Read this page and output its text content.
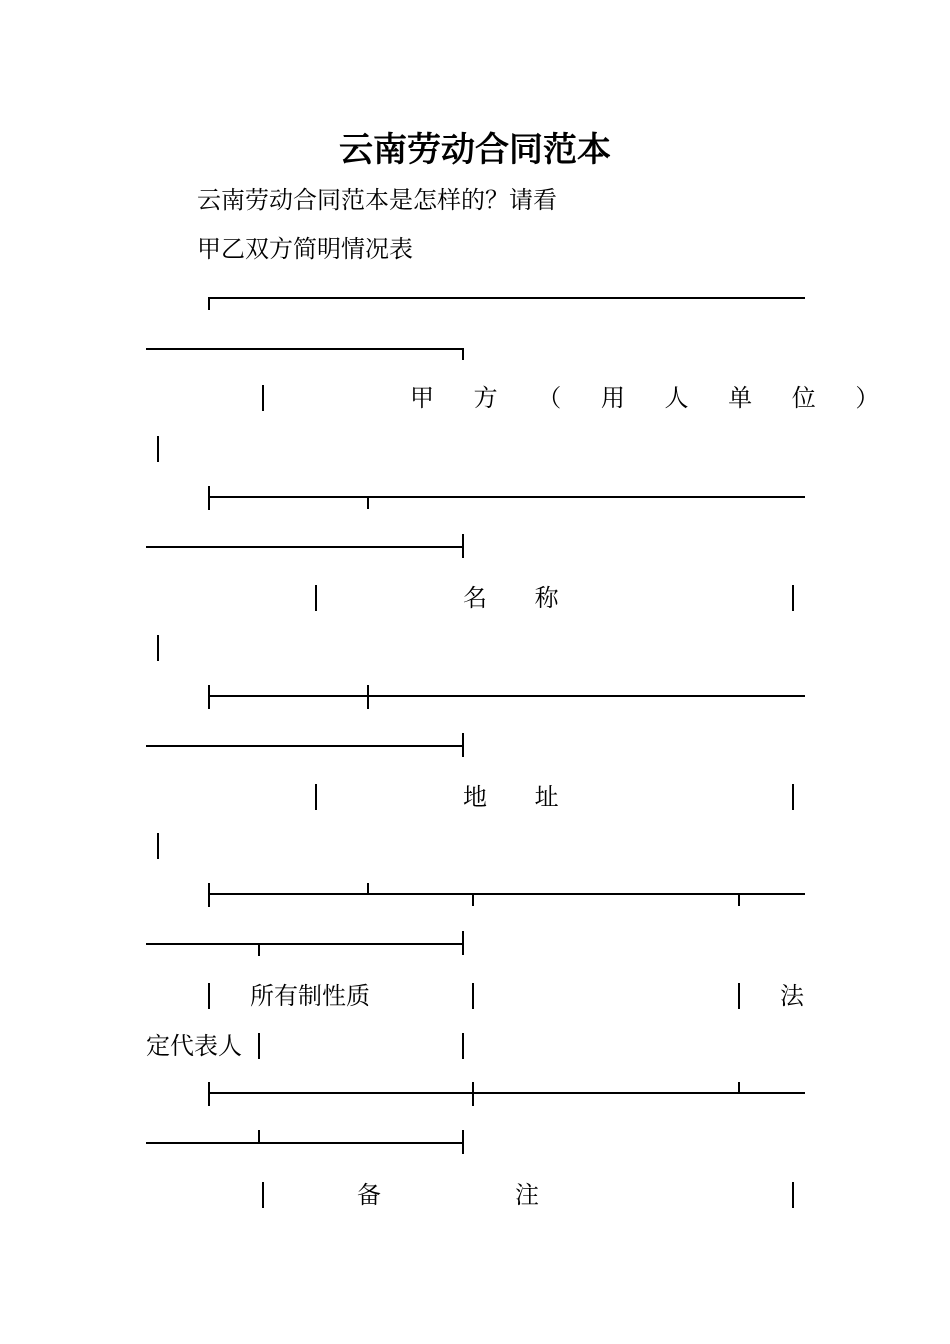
云南劳动合同范本
云南劳动合同范本是怎样的？请看
甲乙双方简明情况表
甲 方 （ 用 人 单 位 ）
名 称
地 址
所有制性质	法
定代表人
备	注
